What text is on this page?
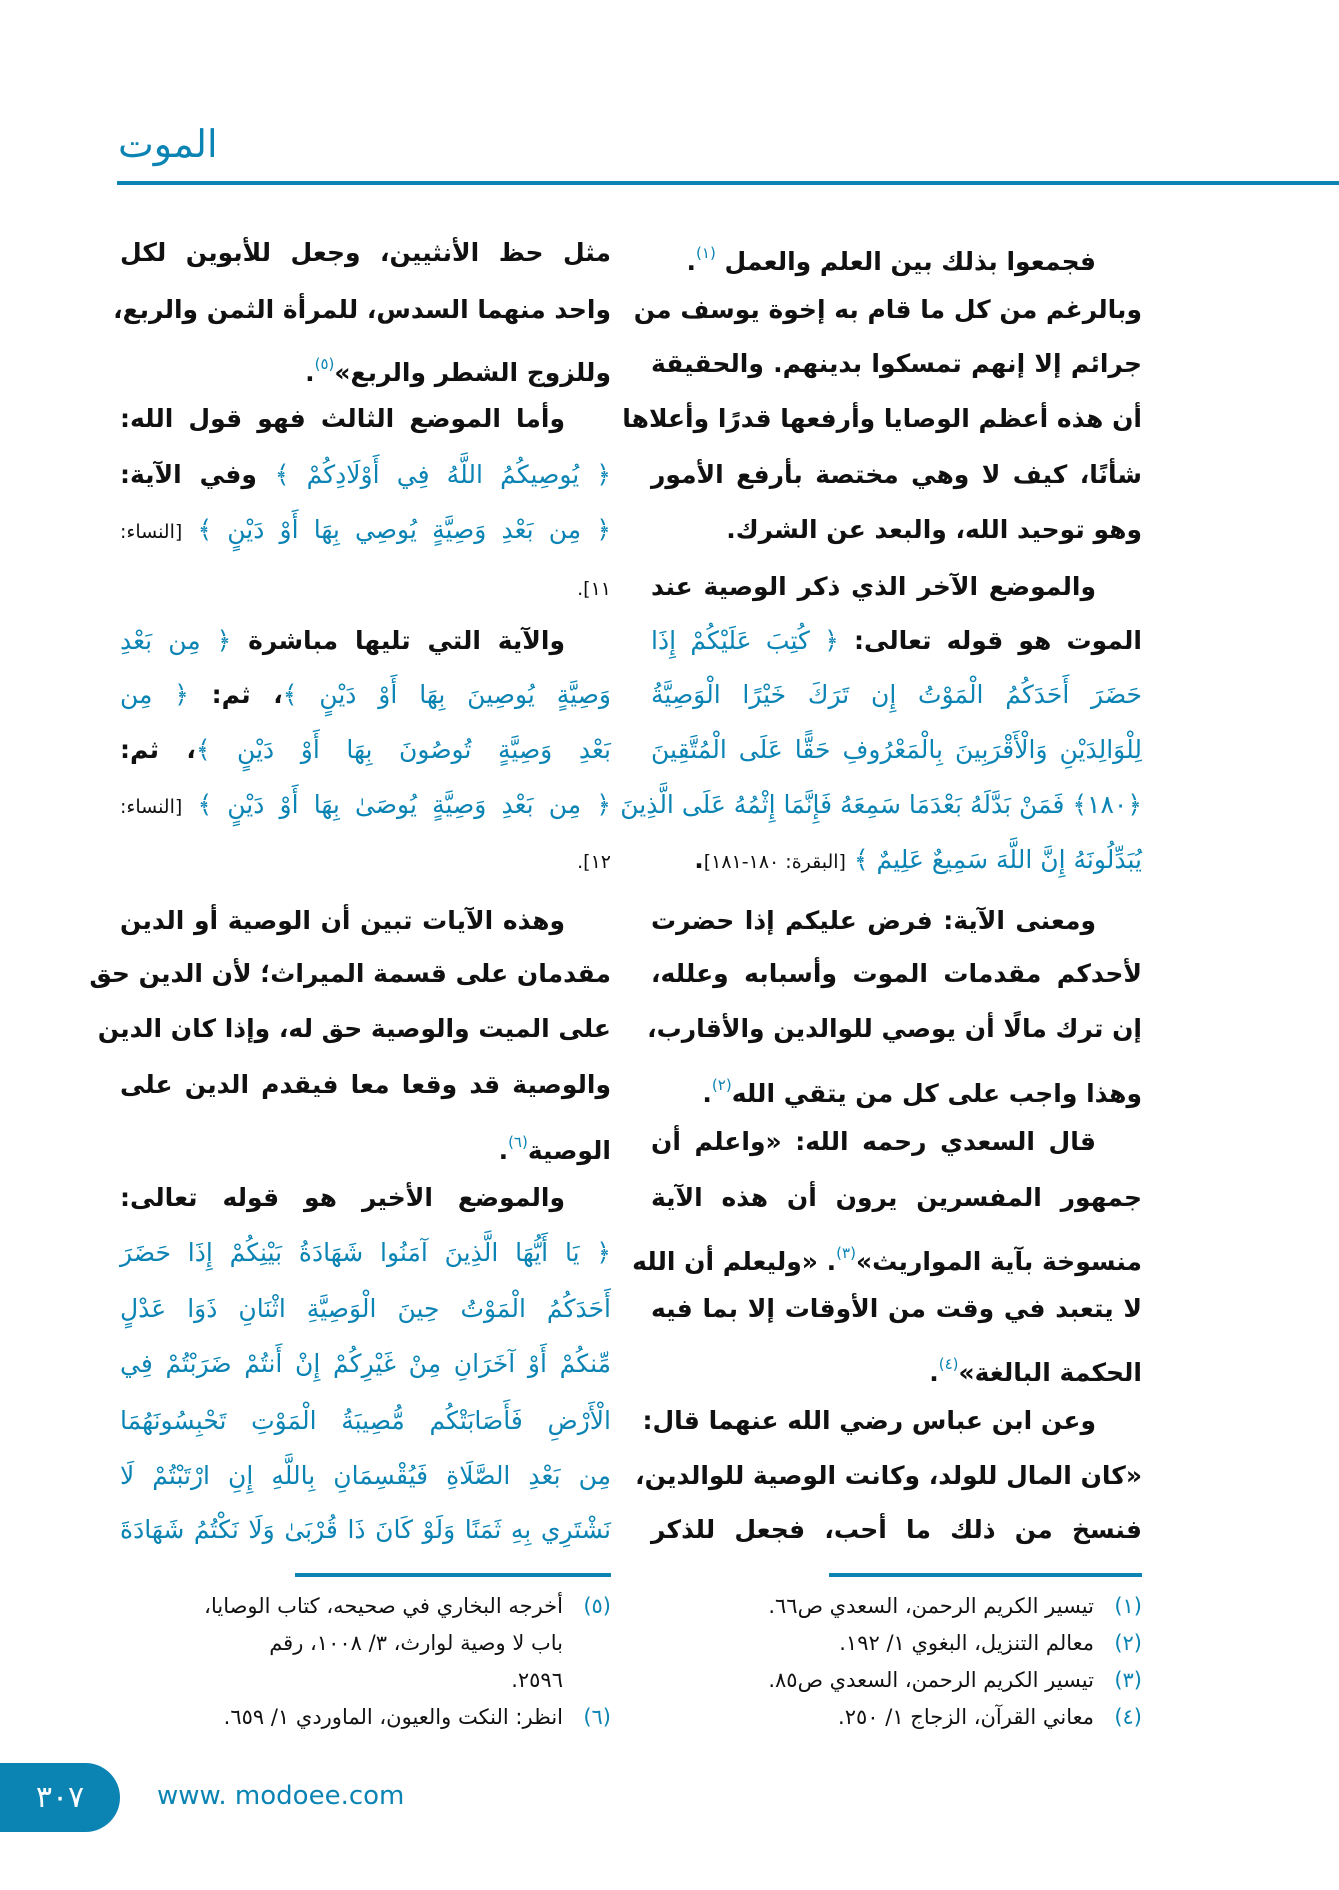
الموت
فجمعوا بذلك بين العلم والعمل $^{(١)}$.
وبالرغم من كل ما قام به إخوة يوسف من
جرائم إلا إنهم تمسكوا بدينهم. والحقيقة
أن هذه أعظم الوصايا وأرفعها قدرًا وأعلاها
شأنًا، كيف لا وهي مختصة بأرفع الأمور
وهو توحيد الله، والبعد عن الشرك.
والموضع الآخر الذي ذكر الوصية عند
الموت هو قوله تعالى: ﴿ كُتِبَ عَلَيْكُمْ إِذَا
حَضَرَ أَحَدَكُمُ الْمَوْتُ إِن تَرَكَ خَيْرًا الْوَصِيَّةُ
لِلْوَالِدَيْنِ وَالْأَقْرَبِينَ بِالْمَعْرُوفِ حَقًّا عَلَى الْمُتَّقِينَ
﴿١٨٠﴾ فَمَنْ بَدَّلَهُ بَعْدَمَا سَمِعَهُ فَإِنَّمَا إِثْمُهُ عَلَى الَّذِينَ
يُبَدِّلُونَهُ إِنَّ اللَّهَ سَمِيعٌ عَلِيمٌ ﴾ [البقرة: ١٨٠-١٨١].
ومعنى الآية: فرض عليكم إذا حضرت
لأحدكم مقدمات الموت وأسبابه وعلله،
إن ترك مالًا أن يوصي للوالدين والأقارب،
وهذا واجب على كل من يتقي الله$^{(٢)}$.
قال السعدي رحمه الله: «واعلم أن
جمهور المفسرين يرون أن هذه الآية
منسوخة بآية المواريث»$^{(٣)}$. «وليعلم أن الله
لا يتعبد في وقت من الأوقات إلا بما فيه
الحكمة البالغة»$^{(٤)}$.
وعن ابن عباس رضي الله عنهما قال:
«كان المال للولد، وكانت الوصية للوالدين،
فنسخ من ذلك ما أحب، فجعل للذكر
مثل حظ الأنثيين، وجعل للأبوين لكل
واحد منهما السدس، للمرأة الثمن والربع،
وللزوج الشطر والربع»$^{(٥)}$.
وأما الموضع الثالث فهو قول الله:
﴿ يُوصِيكُمُ اللَّهُ فِي أَوْلَادِكُمْ ﴾ وفي الآية:
﴿ مِن بَعْدِ وَصِيَّةٍ يُوصِي بِهَا أَوْ دَيْنٍ ﴾ [النساء:
١١].
والآية التي تليها مباشرة ﴿ مِن بَعْدِ
وَصِيَّةٍ يُوصِينَ بِهَا أَوْ دَيْنٍ ﴾، ثم: ﴿ مِن
بَعْدِ وَصِيَّةٍ تُوصُونَ بِهَا أَوْ دَيْنٍ ﴾، ثم:
﴿ مِن بَعْدِ وَصِيَّةٍ يُوصَىٰ بِهَا أَوْ دَيْنٍ ﴾ [النساء:
١٢].
وهذه الآيات تبين أن الوصية أو الدين
مقدمان على قسمة الميراث؛ لأن الدين حق
على الميت والوصية حق له، وإذا كان الدين
والوصية قد وقعا معا فيقدم الدين على
الوصية$^{(٦)}$.
والموضع الأخير هو قوله تعالى:
﴿ يَا أَيُّهَا الَّذِينَ آمَنُوا شَهَادَةُ بَيْنِكُمْ إِذَا حَضَرَ
أَحَدَكُمُ الْمَوْتُ حِينَ الْوَصِيَّةِ اثْنَانِ ذَوَا عَدْلٍ
مِّنكُمْ أَوْ آخَرَانِ مِنْ غَيْرِكُمْ إِنْ أَنتُمْ ضَرَبْتُمْ فِي
الْأَرْضِ فَأَصَابَتْكُم مُّصِيبَةُ الْمَوْتِ تَحْبِسُونَهُمَا
مِن بَعْدِ الصَّلَاةِ فَيُقْسِمَانِ بِاللَّهِ إِنِ ارْتَبْتُمْ لَا
نَشْتَرِي بِهِ ثَمَنًا وَلَوْ كَانَ ذَا قُرْبَىٰ وَلَا نَكْتُمُ شَهَادَةَ
(١)تيسير الكريم الرحمن، السعدي ص٦٦.
(٢)معالم التنزيل، البغوي ١/ ١٩٢.
(٣)تيسير الكريم الرحمن، السعدي ص٨٥.
(٤)معاني القرآن، الزجاج ١/ ٢٥٠.
(٥)أخرجه البخاري في صحيحه، كتاب الوصايا،
باب لا وصية لوارث، ٣/ ١٠٠٨، رقم
٢٥٩٦.
(٦)انظر: النكت والعيون، الماوردي ١/ ٦٥٩.
٣٠٧	www. modoee.com
